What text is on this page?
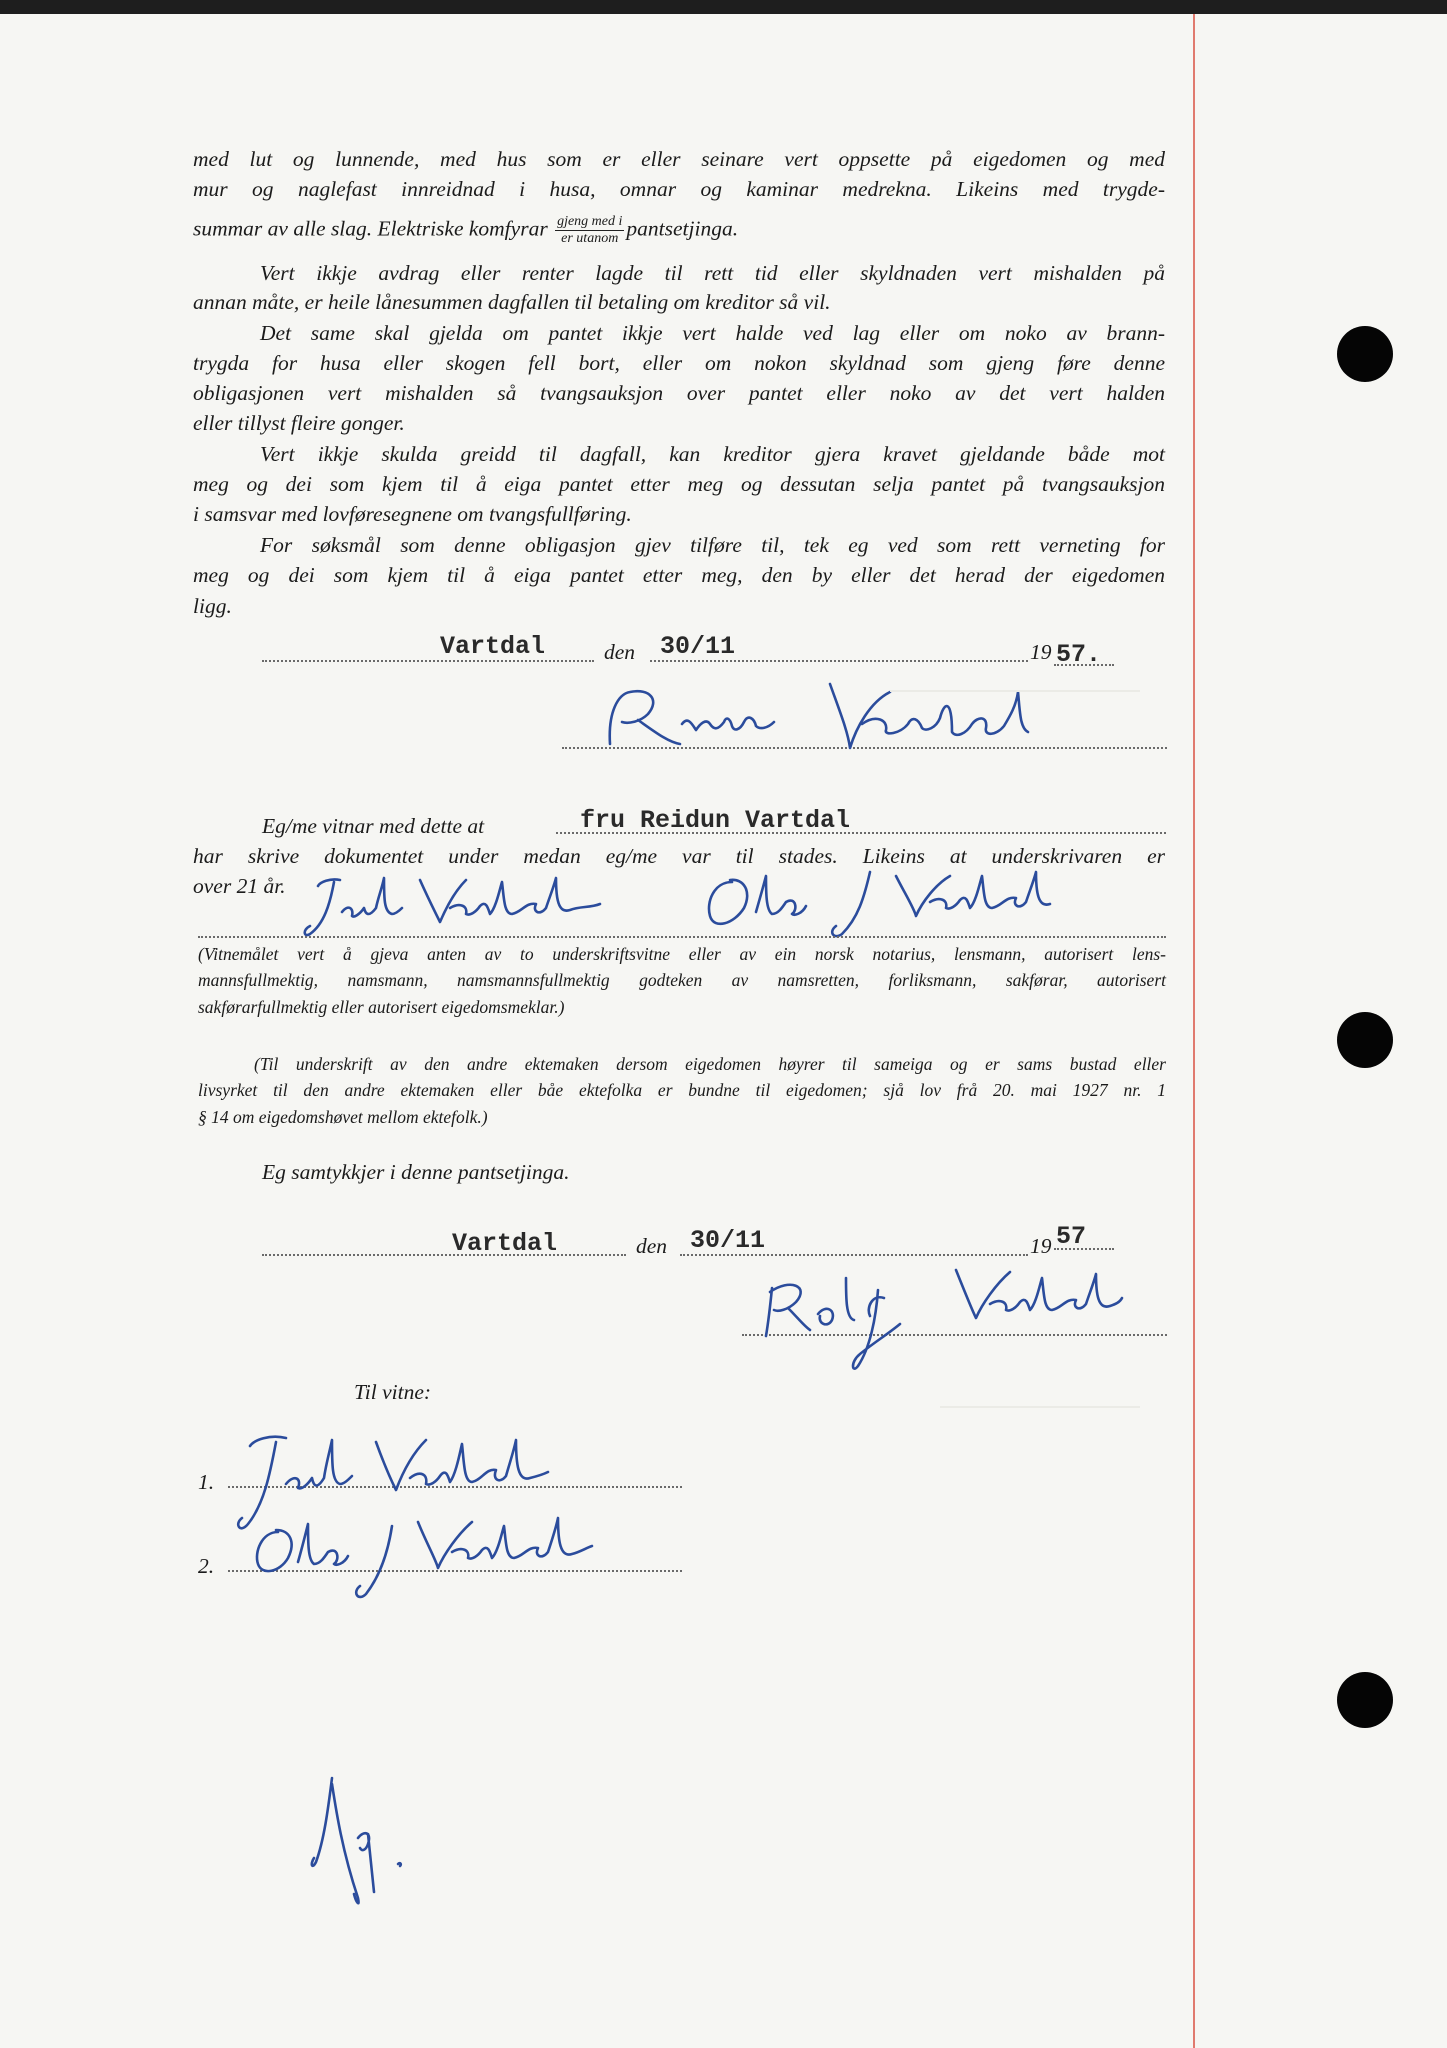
med lut og lunnende, med hus som er eller seinare vert oppsette på eigedomen og med
mur og naglefast innreidnad i husa, omnar og kaminar medrekna. Likeins med trygde-
summar av alle slag. Elektriske komfyrar $\frac{\text{gjeng med i}}{\text{er utanom}}$ pantsetjinga.
Vert ikkje avdrag eller renter lagde til rett tid eller skyldnaden vert mishalden på
annan måte, er heile lånesummen dagfallen til betaling om kreditor så vil.
Det same skal gjelda om pantet ikkje vert halde ved lag eller om noko av brann-
trygda for husa eller skogen fell bort, eller om nokon skyldnad som gjeng føre denne
obligasjonen vert mishalden så tvangsauksjon over pantet eller noko av det vert halden
eller tillyst fleire gonger.
Vert ikkje skulda greidd til dagfall, kan kreditor gjera kravet gjeldande både mot
meg og dei som kjem til å eiga pantet etter meg og dessutan selja pantet på tvangsauksjon
i samsvar med lovføresegnene om tvangsfullføring.
For søksmål som denne obligasjon gjev tilføre til, tek eg ved som rett verneting for
meg og dei som kjem til å eiga pantet etter meg, den by eller det herad der eigedomen
ligg.
Vartdal	den 30/11	19 57.
Eg/me vitnar med dette at	fru Reidun Vartdal
har skrive dokumentet under medan eg/me var til stades. Likeins at underskrivaren er
over 21 år.
(Vitnemålet vert å gjeva anten av to underskriftsvitne eller av ein norsk notarius, lensmann, autorisert lens-
mannsfullmektig, namsmann, namsmannsfullmektig godteken av namsretten, forliksmann, sakførar, autorisert
sakførarfullmektig eller autorisert eigedomsmeklar.)
(Til underskrift av den andre ektemaken dersom eigedomen høyrer til sameiga og er sams bustad eller
livsyrket til den andre ektemaken eller båe ektefolka er bundne til eigedomen; sjå lov frå 20. mai 1927 nr. 1
§ 14 om eigedomshøvet mellom ektefolk.)
Eg samtykkjer i denne pantsetjinga.
Vartdal	den 30/11	19 57
Til vitne:
1.
2.
